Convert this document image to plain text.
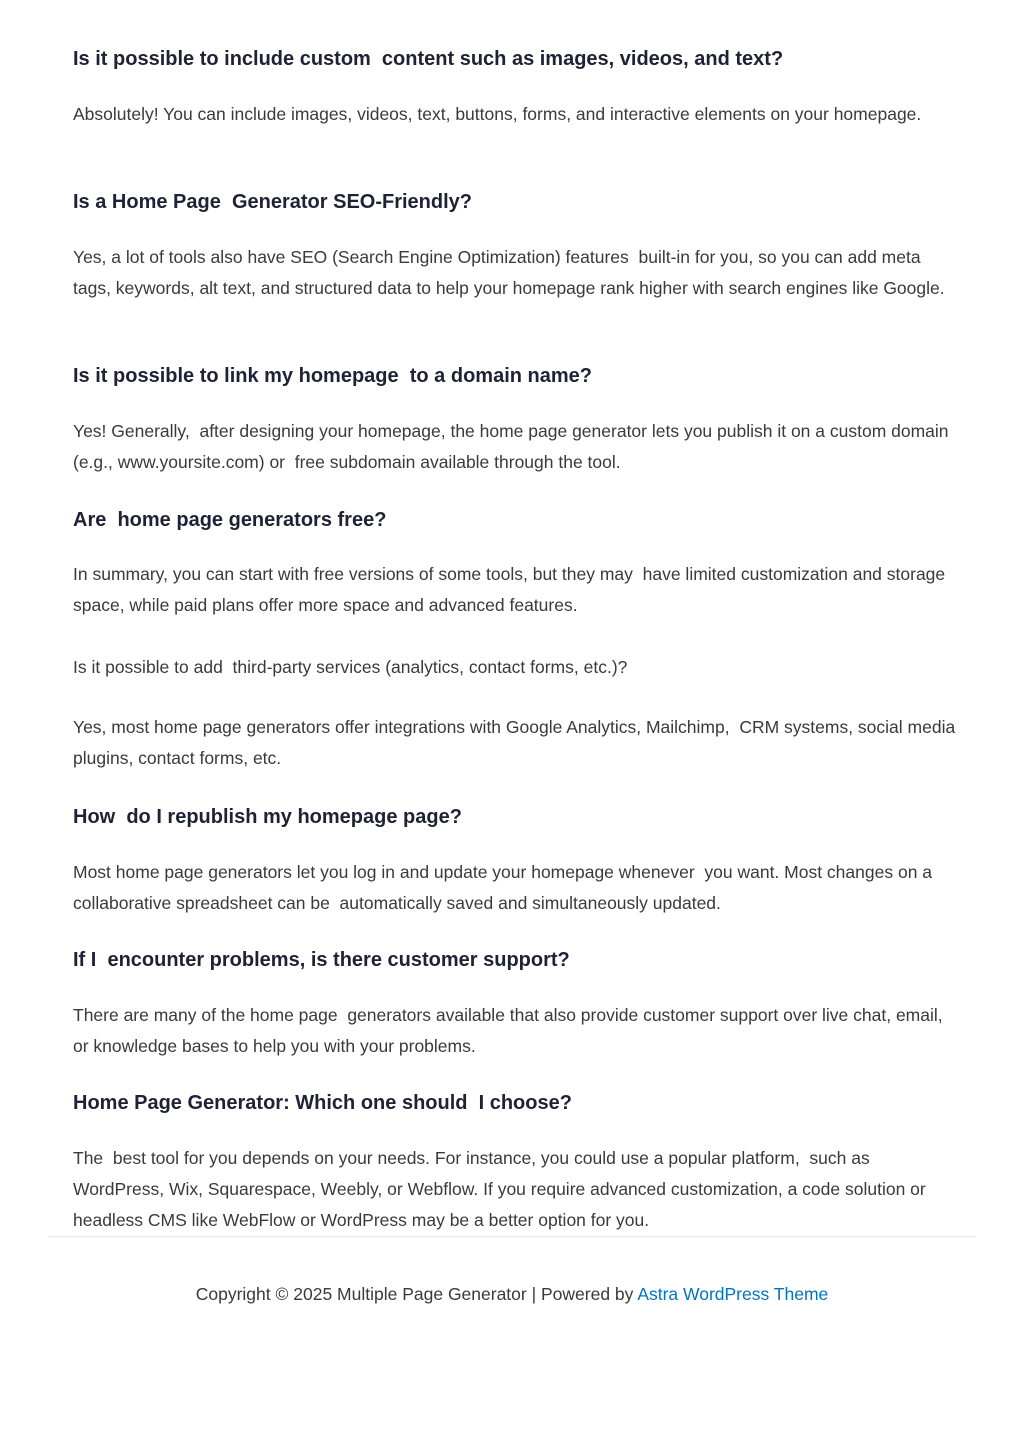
Is it possible to include custom  content such as images, videos, and text?

Absolutely! You can include images, videos, text, buttons, forms, and interactive elements on your homepage.

Is a Home Page  Generator SEO-Friendly?

Yes, a lot of tools also have SEO (Search Engine Optimization) features  built-in for you, so you can add meta tags, keywords, alt text, and structured data to help your homepage rank higher with search engines like Google.

Is it possible to link my homepage  to a domain name?

Yes! Generally,  after designing your homepage, the home page generator lets you publish it on a custom domain (e.g., www.yoursite.com) or  free subdomain available through the tool.

Are  home page generators free?

In summary, you can start with free versions of some tools, but they may  have limited customization and storage space, while paid plans offer more space and advanced features.

Is it possible to add  third-party services (analytics, contact forms, etc.)?

Yes, most home page generators offer integrations with Google Analytics, Mailchimp,  CRM systems, social media plugins, contact forms, etc.

How  do I republish my homepage page?

Most home page generators let you log in and update your homepage whenever  you want. Most changes on a collaborative spreadsheet can be  automatically saved and simultaneously updated.

If I  encounter problems, is there customer support?

There are many of the home page  generators available that also provide customer support over live chat, email, or knowledge bases to help you with your problems.

Home Page Generator: Which one should  I choose?

The  best tool for you depends on your needs. For instance, you could use a popular platform,  such as WordPress, Wix, Squarespace, Weebly, or Webflow. If you require advanced customization, a code solution or headless CMS like WebFlow or WordPress may be a better option for you.

Copyright © 2025 Multiple Page Generator | Powered by Astra WordPress Theme
